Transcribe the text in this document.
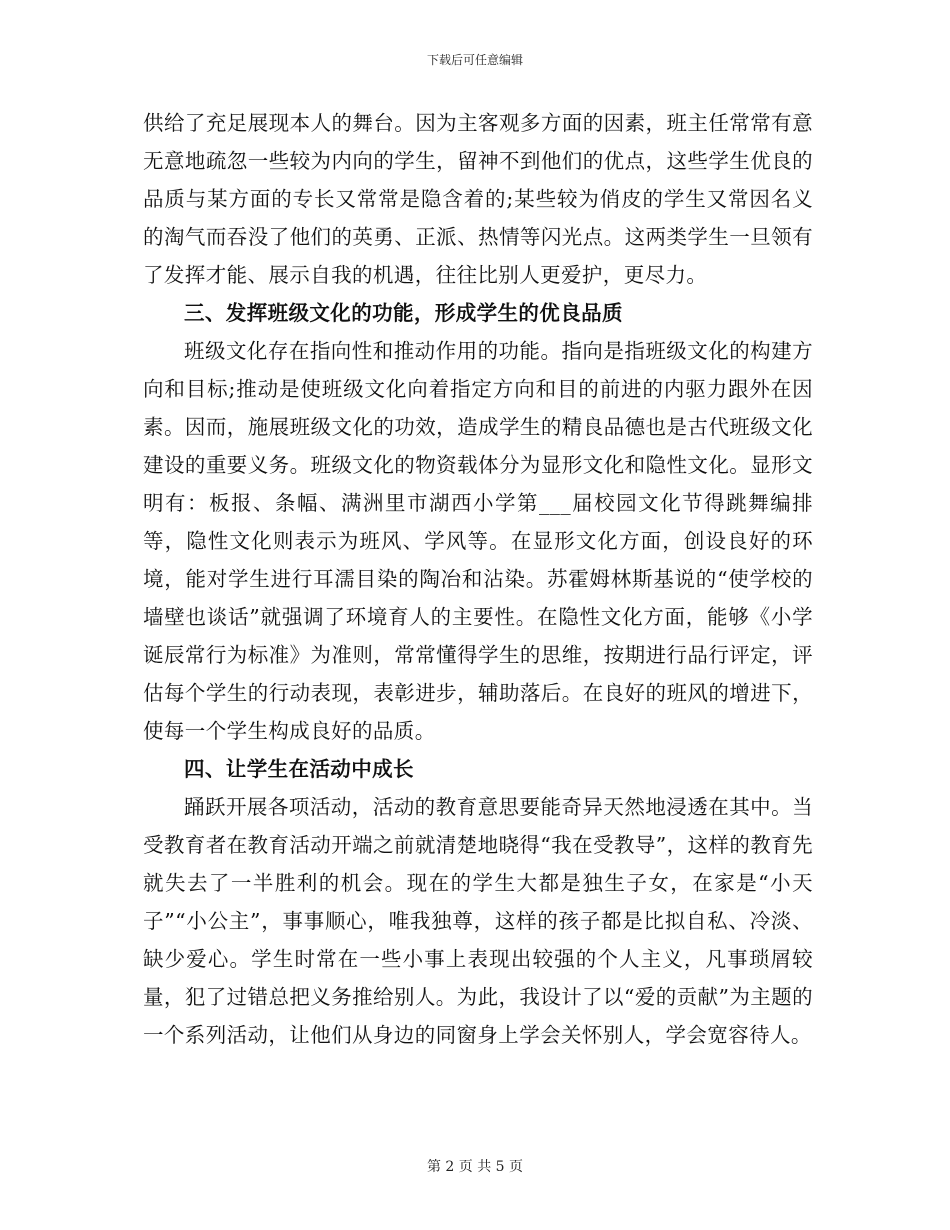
下载后可任意编辑

供给了充足展现本人的舞台。因为主客观多方面的因素，班主任常常有意无意地疏忽一些较为内向的学生，留神不到他们的优点，这些学生优良的品质与某方面的专长又常常是隐含着的;某些较为俏皮的学生又常因名义的淘气而吞没了他们的英勇、正派、热情等闪光点。这两类学生一旦领有了发挥才能、展示自我的机遇，往往比别人更爱护，更尽力。

三、发挥班级文化的功能，形成学生的优良品质

班级文化存在指向性和推动作用的功能。指向是指班级文化的构建方向和目标;推动是使班级文化向着指定方向和目的前进的内驱力跟外在因素。因而，施展班级文化的功效，造成学生的精良品德也是古代班级文化建设的重要义务。班级文化的物资载体分为显形文化和隐性文化。显形文明有：板报、条幅、满洲里市湖西小学第___届校园文化节得跳舞编排等，隐性文化则表示为班风、学风等。在显形文化方面，创设良好的环境，能对学生进行耳濡目染的陶冶和沾染。苏霍姆林斯基说的“使学校的墙壁也谈话”就强调了环境育人的主要性。在隐性文化方面，能够《小学诞辰常行为标准》为准则，常常懂得学生的思维，按期进行品行评定，评估每个学生的行动表现，表彰进步，辅助落后。在良好的班风的增进下，使每一个学生构成良好的品质。

四、让学生在活动中成长

踊跃开展各项活动，活动的教育意思要能奇异天然地浸透在其中。当受教育者在教育活动开端之前就清楚地晓得“我在受教导”，这样的教育先就失去了一半胜利的机会。现在的学生大都是独生子女，在家是“小天子”“小公主”，事事顺心，唯我独尊，这样的孩子都是比拟自私、冷淡、缺少爱心。学生时常在一些小事上表现出较强的个人主义，凡事琐屑较量，犯了过错总把义务推给别人。为此，我设计了以“爱的贡献”为主题的一个系列活动，让他们从身边的同窗身上学会关怀别人，学会宽容待人。

第 2 页 共 5 页
